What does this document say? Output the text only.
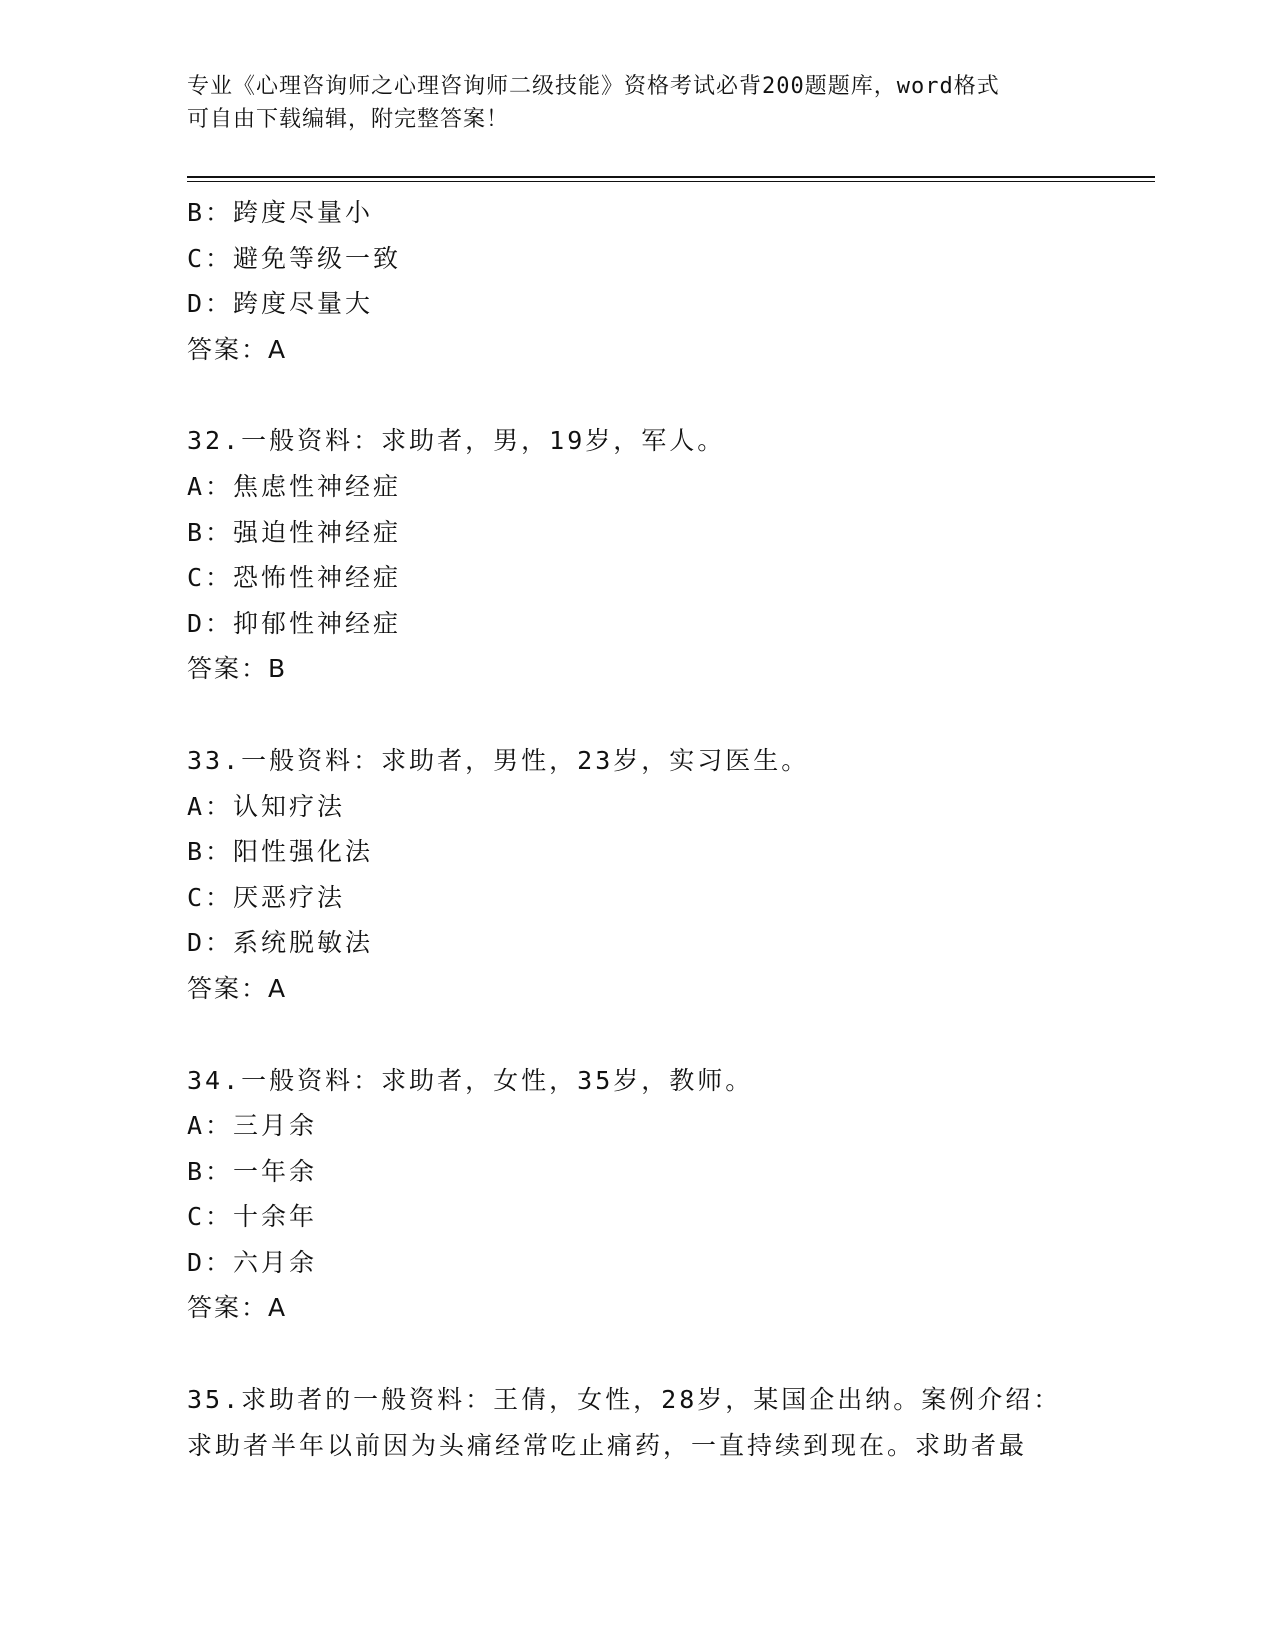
专业《心理咨询师之心理咨询师二级技能》资格考试必背200题题库，word格式

可自由下载编辑，附完整答案！

B：跨度尽量小
C：避免等级一致
D：跨度尽量大
答案：A
32.一般资料：求助者，男，19岁，军人。
A：焦虑性神经症
B：强迫性神经症
C：恐怖性神经症
D：抑郁性神经症
答案：B
33.一般资料：求助者，男性，23岁，实习医生。
A：认知疗法
B：阳性强化法
C：厌恶疗法
D：系统脱敏法
答案：A
34.一般资料：求助者，女性，35岁，教师。
A：三月余
B：一年余
C：十余年
D：六月余
答案：A
35.求助者的一般资料：王倩，女性，28岁，某国企出纳。案例介绍：
求助者半年以前因为头痛经常吃止痛药，一直持续到现在。求助者最
